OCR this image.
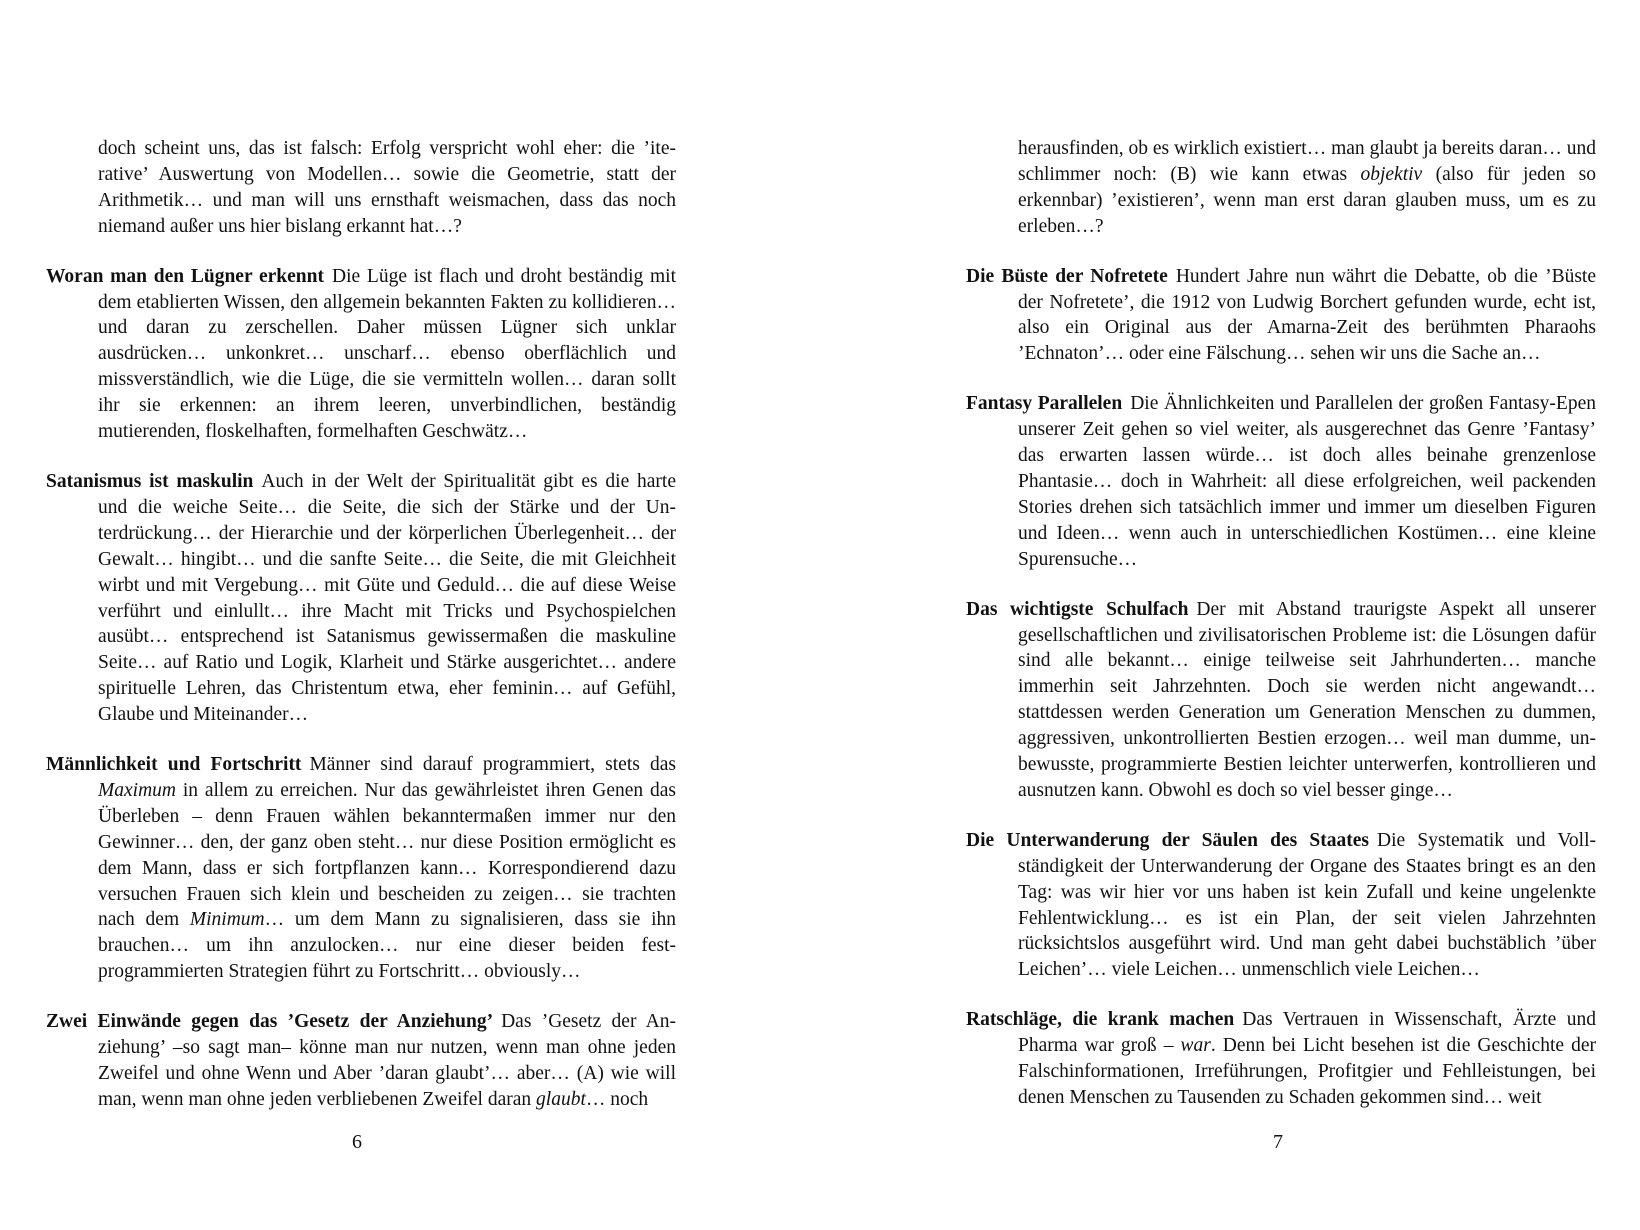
doch scheint uns, das ist falsch: Erfolg verspricht wohl eher: die ’iterative’ Auswertung von Modellen… sowie die Geometrie, statt der Arithmetik… und man will uns ernsthaft weismachen, dass das noch niemand außer uns hier bislang erkannt hat…?

Woran man den Lügner erkennt Die Lüge ist flach und droht beständig mit dem etablierten Wissen, den allgemein bekannten Fakten zu kollidieren… und daran zu zerschellen. Daher müssen Lügner sich unklar ausdrücken… unkonkret… unscharf… ebenso oberflächlich und missverständlich, wie die Lüge, die sie vermitteln wollen… daran sollt ihr sie erkennen: an ihrem leeren, unverbindlichen, beständig mutierenden, floskelhaften, formelhaften Geschwätz…

Satanismus ist maskulin Auch in der Welt der Spiritualität gibt es die harte und die weiche Seite… die Seite, die sich der Stärke und der Unterdrückung… der Hierarchie und der körperlichen Überlegenheit… der Gewalt… hingibt… und die sanfte Seite… die Seite, die mit Gleichheit wirbt und mit Vergebung… mit Güte und Geduld… die auf diese Weise verführt und einlullt… ihre Macht mit Tricks und Psychospielchen ausübt… entsprechend ist Satanismus gewissermaßen die maskuline Seite… auf Ratio und Logik, Klarheit und Stärke ausgerichtet… andere spirituelle Lehren, das Christentum etwa, eher feminin… auf Gefühl, Glaube und Miteinander…

Männlichkeit und Fortschritt Männer sind darauf programmiert, stets das Maximum in allem zu erreichen. Nur das gewährleistet ihren Genen das Überleben – denn Frauen wählen bekanntermaßen immer nur den Gewinner… den, der ganz oben steht… nur diese Position ermöglicht es dem Mann, dass er sich fortpflanzen kann… Korrespondierend dazu versuchen Frauen sich klein und bescheiden zu zeigen… sie trachten nach dem Minimum… um dem Mann zu signalisieren, dass sie ihn brauchen… um ihn anzulocken… nur eine dieser beiden festprogrammierten Strategien führt zu Fortschritt… obviously…

Zwei Einwände gegen das ’Gesetz der Anziehung’ Das ’Gesetz der Anziehung’ –so sagt man– könne man nur nutzen, wenn man ohne jeden Zweifel und ohne Wenn und Aber ’daran glaubt’… aber… (A) wie will man, wenn man ohne jeden verbliebenen Zweifel daran glaubt… noch

herausfinden, ob es wirklich existiert… man glaubt ja bereits daran… und schlimmer noch: (B) wie kann etwas objektiv (also für jeden so erkennbar) ’existieren’, wenn man erst daran glauben muss, um es zu erleben…?

Die Büste der Nofretete Hundert Jahre nun währt die Debatte, ob die ’Büste der Nofretete’, die 1912 von Ludwig Borchert gefunden wurde, echt ist, also ein Original aus der Amarna-Zeit des berühmten Pharaohs ’Echnaton’… oder eine Fälschung… sehen wir uns die Sache an…

Fantasy Parallelen Die Ähnlichkeiten und Parallelen der großen Fantasy-Epen unserer Zeit gehen so viel weiter, als ausgerechnet das Genre ’Fantasy’ das erwarten lassen würde… ist doch alles beinahe grenzenlose Phantasie… doch in Wahrheit: all diese erfolgreichen, weil packenden Stories drehen sich tatsächlich immer und immer um dieselben Figuren und Ideen… wenn auch in unterschiedlichen Kostümen… eine kleine Spurensuche…

Das wichtigste Schulfach Der mit Abstand traurigste Aspekt all unserer gesellschaftlichen und zivilisatorischen Probleme ist: die Lösungen dafür sind alle bekannt… einige teilweise seit Jahrhunderten… manche immerhin seit Jahrzehnten. Doch sie werden nicht angewandt… stattdessen werden Generation um Generation Menschen zu dummen, aggressiven, unkontrollierten Bestien erzogen… weil man dumme, unbewusste, programmierte Bestien leichter unterwerfen, kontrollieren und ausnutzen kann. Obwohl es doch so viel besser ginge…

Die Unterwanderung der Säulen des Staates Die Systematik und Vollständigkeit der Unterwanderung der Organe des Staates bringt es an den Tag: was wir hier vor uns haben ist kein Zufall und keine ungelenkte Fehlentwicklung… es ist ein Plan, der seit vielen Jahrzehnten rücksichtslos ausgeführt wird. Und man geht dabei buchstäblich ’über Leichen’… viele Leichen… unmenschlich viele Leichen…

Ratschläge, die krank machen Das Vertrauen in Wissenschaft, Ärzte und Pharma war groß – war. Denn bei Licht besehen ist die Geschichte der Falschinformationen, Irreführungen, Profitgier und Fehlleistungen, bei denen Menschen zu Tausenden zu Schaden gekommen sind… weit

6	7
